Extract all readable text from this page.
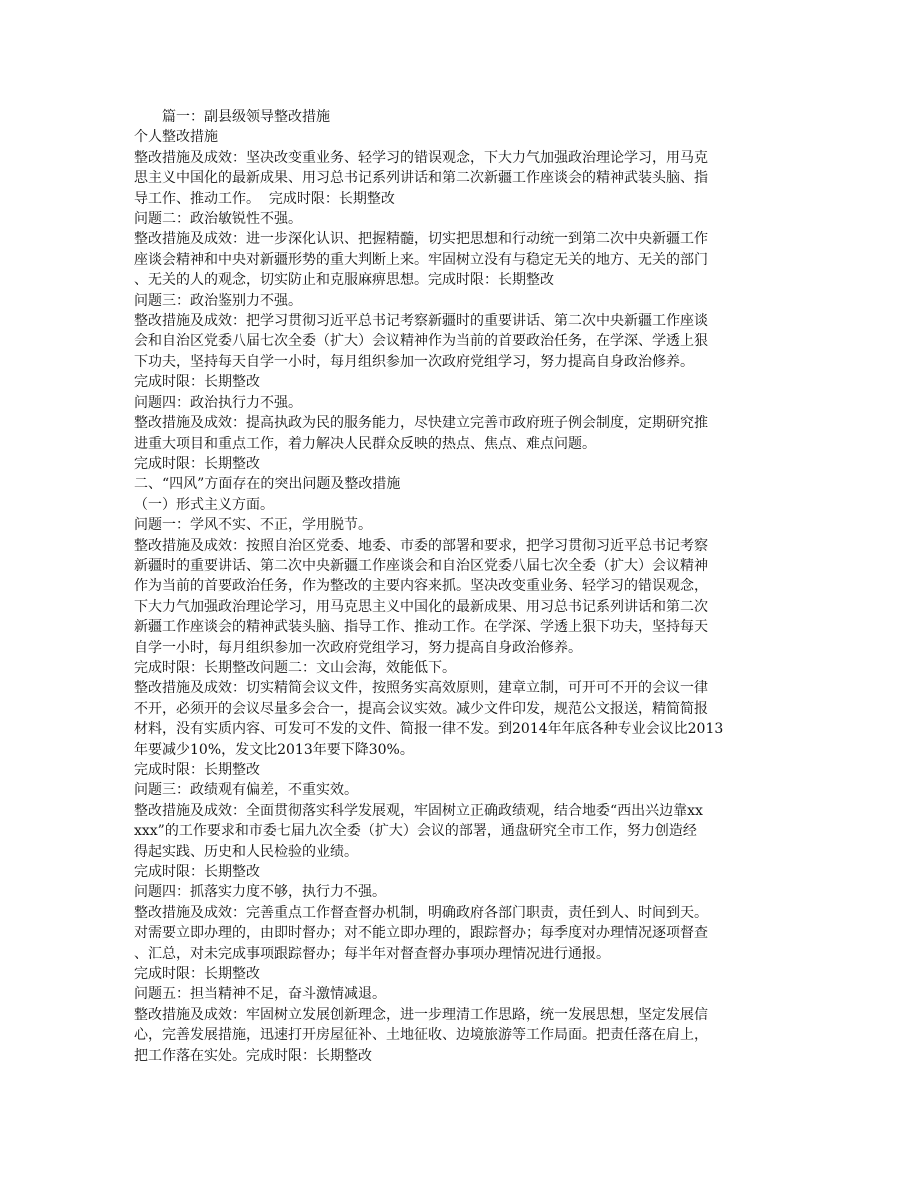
篇一：副县级领导整改措施
个人整改措施
整改措施及成效：坚决改变重业务、轻学习的错误观念，下大力气加强政治理论学习，用马克
思主义中国化的最新成果、用习总书记系列讲话和第二次新疆工作座谈会的精神武装头脑、指
导工作、推动工作。  完成时限：长期整改
问题二：政治敏锐性不强。
整改措施及成效：进一步深化认识、把握精髓，切实把思想和行动统一到第二次中央新疆工作
座谈会精神和中央对新疆形势的重大判断上来。牢固树立没有与稳定无关的地方、无关的部门
、无关的人的观念，切实防止和克服麻痹思想。完成时限：长期整改
问题三：政治鉴别力不强。
整改措施及成效：把学习贯彻习近平总书记考察新疆时的重要讲话、第二次中央新疆工作座谈
会和自治区党委八届七次全委（扩大）会议精神作为当前的首要政治任务，在学深、学透上狠
下功夫，坚持每天自学一小时，每月组织参加一次政府党组学习，努力提高自身政治修养。
完成时限：长期整改
问题四：政治执行力不强。
整改措施及成效：提高执政为民的服务能力，尽快建立完善市政府班子例会制度，定期研究推
进重大项目和重点工作，着力解决人民群众反映的热点、焦点、难点问题。
完成时限：长期整改
二、“四风”方面存在的突出问题及整改措施
（一）形式主义方面。
问题一：学风不实、不正，学用脱节。
整改措施及成效：按照自治区党委、地委、市委的部署和要求，把学习贯彻习近平总书记考察
新疆时的重要讲话、第二次中央新疆工作座谈会和自治区党委八届七次全委（扩大）会议精神
作为当前的首要政治任务，作为整改的主要内容来抓。坚决改变重业务、轻学习的错误观念，
下大力气加强政治理论学习，用马克思主义中国化的最新成果、用习总书记系列讲话和第二次
新疆工作座谈会的精神武装头脑、指导工作、推动工作。在学深、学透上狠下功夫，坚持每天
自学一小时，每月组织参加一次政府党组学习，努力提高自身政治修养。
完成时限：长期整改问题二：文山会海，效能低下。
整改措施及成效：切实精简会议文件，按照务实高效原则，建章立制，可开可不开的会议一律
不开，必须开的会议尽量多会合一，提高会议实效。减少文件印发，规范公文报送，精简简报
材料，没有实质内容、可发可不发的文件、简报一律不发。到2014年年底各种专业会议比2013
年要减少10%，发文比2013年要下降30%。
完成时限：长期整改
问题三：政绩观有偏差，不重实效。
整改措施及成效：全面贯彻落实科学发展观，牢固树立正确政绩观，结合地委“西出兴边靠xx
xxx”的工作要求和市委七届九次全委（扩大）会议的部署，通盘研究全市工作，努力创造经
得起实践、历史和人民检验的业绩。
完成时限：长期整改
问题四：抓落实力度不够，执行力不强。
整改措施及成效：完善重点工作督查督办机制，明确政府各部门职责，责任到人、时间到天。
对需要立即办理的，由即时督办；对不能立即办理的，跟踪督办；每季度对办理情况逐项督查
、汇总，对未完成事项跟踪督办；每半年对督查督办事项办理情况进行通报。
完成时限：长期整改
问题五：担当精神不足，奋斗激情减退。
整改措施及成效：牢固树立发展创新理念，进一步理清工作思路，统一发展思想，坚定发展信
心，完善发展措施，迅速打开房屋征补、土地征收、边境旅游等工作局面。把责任落在肩上，
把工作落在实处。完成时限：长期整改
